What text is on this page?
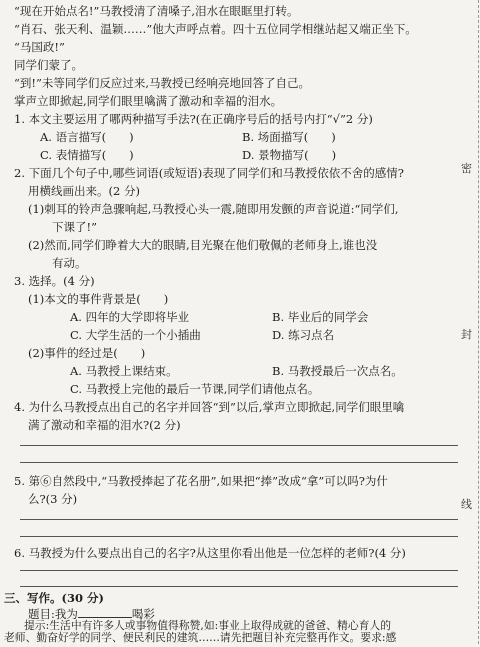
“现在开始点名!”马教授清了清嗓子,泪水在眼眶里打转。
“肖石、张天利、温颖……”他大声呼点着。四十五位同学相继站起又端正坐下。
“马国政!”
同学们蒙了。
“到!”未等同学们反应过来,马教授已经响亮地回答了自己。
掌声立即掀起,同学们眼里噙满了激动和幸福的泪水。
1. 本文主要运用了哪两种描写手法?(在正确序号后的括号内打“√”2 分)
A. 语言描写(　　)	B. 场面描写(　　)
C. 表情描写(　　)	D. 景物描写(　　)
2. 下面几个句子中,哪些词语(或短语)表现了同学们和马教授依依不舍的感情?
用横线画出来。(2 分)
(1)刺耳的铃声急骤响起,马教授心头一震,随即用发颤的声音说道:“同学们,
下课了!”
(2)然而,同学们睁着大大的眼睛,目光聚在他们敬佩的老师身上,谁也没
有动。
3. 选择。(4 分)
(1)本文的事件背景是(　　)
A. 四年的大学即将毕业	B. 毕业后的同学会
C. 大学生活的一个小插曲	D. 练习点名
(2)事件的经过是(　　)
A. 马教授上课结束。	B. 马教授最后一次点名。
C. 马教授上完他的最后一节课,同学们请他点名。
4. 为什么马教授点出自己的名字并回答“到”以后,掌声立即掀起,同学们眼里噙
满了激动和幸福的泪水?(2 分)
5. 第⑥自然段中,“马教授捧起了花名册”,如果把“捧”改成“拿”可以吗?为什
么?(3 分)
6. 马教授为什么要点出自己的名字?从这里你看出他是一位怎样的老师?(4 分)
三、写作。(30 分)
题目:我为	喝彩
提示:生活中有许多人或事物值得称赞,如:事业上取得成就的爸爸、精心育人的
老师、勤奋好学的同学、便民利民的建筑……请先把题目补充完整再作文。要求:感
密
封
线
